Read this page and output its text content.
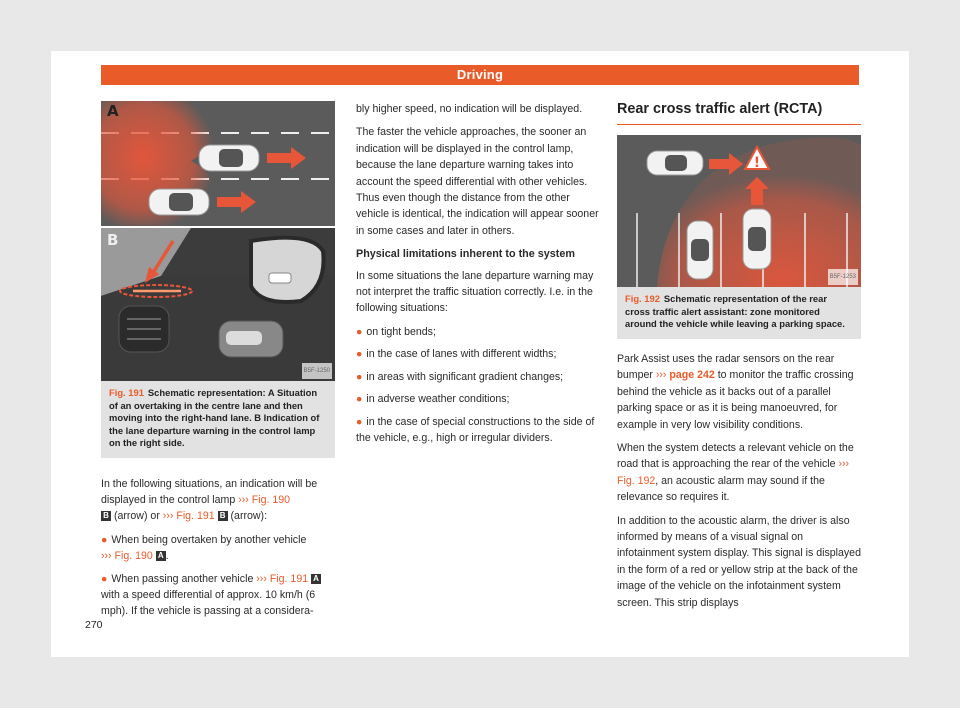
Driving
A
B
B5F-1250
Fig. 191 Schematic representation: A Situation of an overtaking in the centre lane and then moving into the right-hand lane. B Indication of the lane departure warning in the control lamp on the right side.

In the following situations, an indication will be displayed in the control lamp ››› Fig. 190
B (arrow) or ››› Fig. 191 B (arrow):

● When being overtaken by another vehicle
››› Fig. 190 A .
● When passing another vehicle ››› Fig. 191 A with a speed differential of approx. 10 km/h (6 mph). If the vehicle is passing at a considera-

bly higher speed, no indication will be displayed.

The faster the vehicle approaches, the sooner an indication will be displayed in the control lamp, because the lane departure warning takes into account the speed differential with other vehicles. Thus even though the distance from the other vehicle is identical, the indication will appear sooner in some cases and later in others.

Physical limitations inherent to the system

In some situations the lane departure warning may not interpret the traffic situation correctly. I.e. in the following situations:

● on tight bends;
● in the case of lanes with different widths;
● in areas with significant gradient changes;
● in adverse weather conditions;
● in the case of special constructions to the side of the vehicle, e.g., high or irregular dividers.
Rear cross traffic alert (RCTA)
!
B5F-1253
Fig. 192 Schematic representation of the rear cross traffic alert assistant: zone monitored around the vehicle while leaving a parking space.

Park Assist uses the radar sensors on the rear bumper ››› page 242 to monitor the traffic crossing behind the vehicle as it backs out of a parallel parking space or as it is being manoeuvred, for example in very low visibility conditions.

When the system detects a relevant vehicle on the road that is approaching the rear of the vehicle ››› Fig. 192, an acoustic alarm may sound if the relevance so requires it.

In addition to the acoustic alarm, the driver is also informed by means of a visual signal on infotainment system display. This signal is displayed in the form of a red or yellow strip at the back of the image of the vehicle on the infotainment system screen. This strip displays

270
